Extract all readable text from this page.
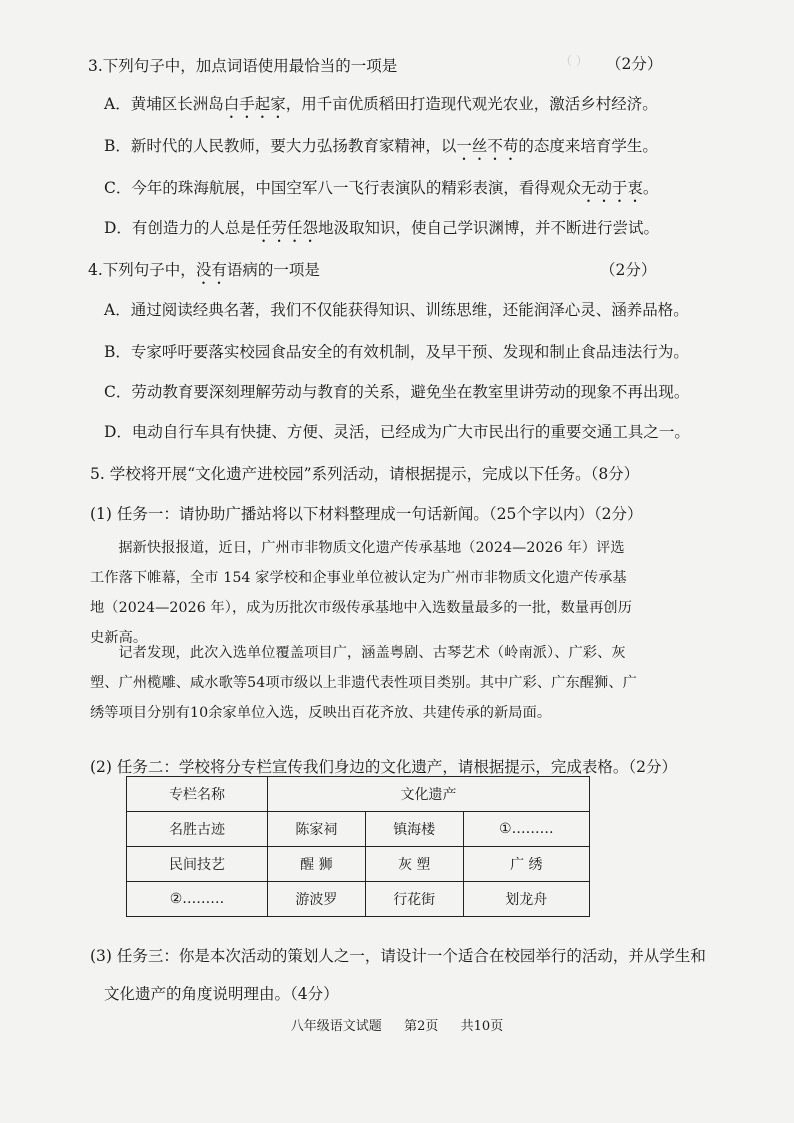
（ ）
3.下列句子中，加点词语使用最恰当的一项是	（2分）
A．黄埔区长洲岛白手起家，用千亩优质稻田打造现代观光农业，激活乡村经济。
B．新时代的人民教师，要大力弘扬教育家精神，以一丝不苟的态度来培育学生。
C．今年的珠海航展，中国空军八一飞行表演队的精彩表演，看得观众无动于衷。
D．有创造力的人总是任劳任怨地汲取知识，使自己学识渊博，并不断进行尝试。
4.下列句子中，没有语病的一项是	（2分）
A．通过阅读经典名著，我们不仅能获得知识、训练思维，还能润泽心灵、涵养品格。
B．专家呼吁要落实校园食品安全的有效机制，及早干预、发现和制止食品违法行为。
C．劳动教育要深刻理解劳动与教育的关系，避免坐在教室里讲劳动的现象不再出现。
D．电动自行车具有快捷、方便、灵活，已经成为广大市民出行的重要交通工具之一。
5. 学校将开展“文化遗产进校园”系列活动，请根据提示，完成以下任务。（8分）
(1) 任务一：请协助广播站将以下材料整理成一句话新闻。（25个字以内）（2分）
据新快报报道，近日，广州市非物质文化遗产传承基地（2024—2026 年）评选工作落下帷幕，全市 154 家学校和企事业单位被认定为广州市非物质文化遗产传承基地（2024—2026 年），成为历批次市级传承基地中入选数量最多的一批，数量再创历史新高。
记者发现，此次入选单位覆盖项目广，涵盖粤剧、古琴艺术（岭南派）、广彩、灰塑、广州榄雕、咸水歌等54项市级以上非遗代表性项目类别。其中广彩、广东醒狮、广绣等项目分别有10余家单位入选，反映出百花齐放、共建传承的新局面。
(2) 任务二：学校将分专栏宣传我们身边的文化遗产，请根据提示，完成表格。（2分）
专栏名称	文化遗产		
名胜古迹	陈家祠	镇海楼	①………
民间技艺	醒 狮	灰 塑	广 绣
②………	游波罗	行花街	划龙舟
(3) 任务三：你是本次活动的策划人之一，请设计一个适合在校园举行的活动，并从学生和
文化遗产的角度说明理由。（4分）
八年级语文试题 第2页 共10页
